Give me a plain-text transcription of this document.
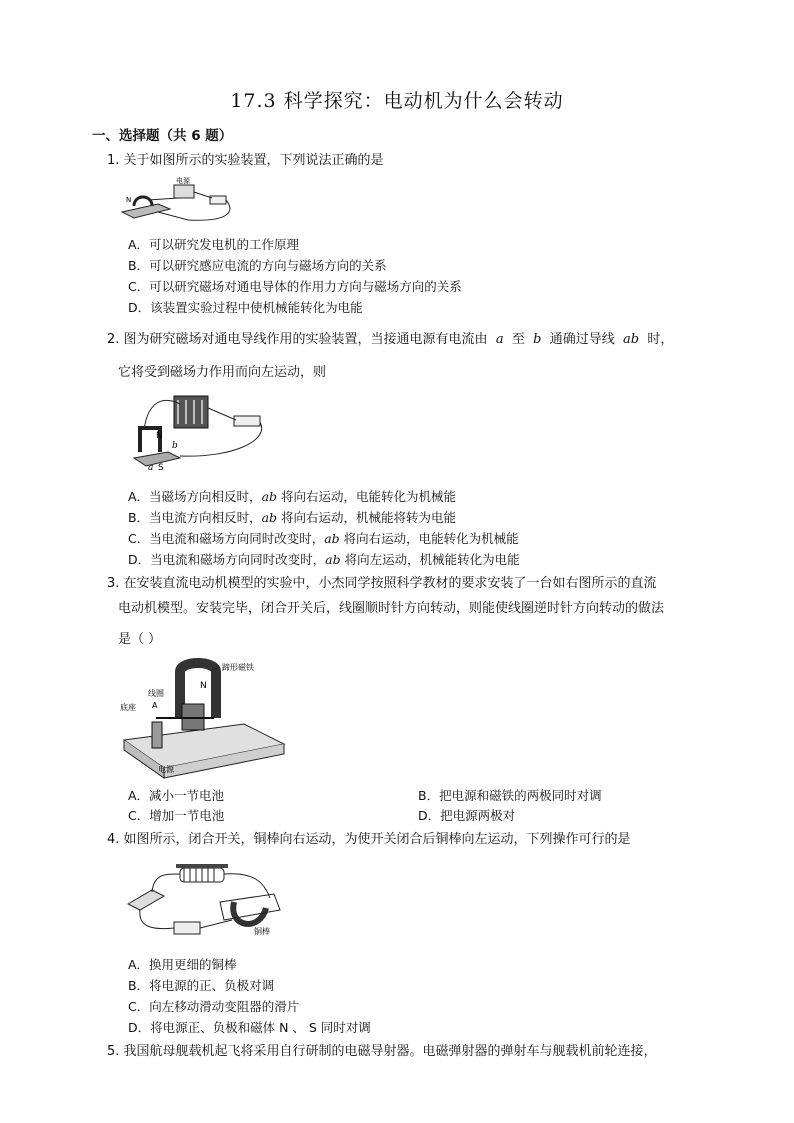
17.3 科学探究：电动机为什么会转动
一、选择题（共 6 题）
1. 关于如图所示的实验装置，下列说法正确的是
电源
N
A．可以研究发电机的工作原理
B．可以研究感应电流的方向与磁场方向的关系
C．可以研究磁场对通电导体的作用力方向与磁场方向的关系
D．该装置实验过程中使机械能转化为电能
2. 图为研究磁场对通电导线作用的实验装置，当接通电源有电流由 a 至 b 通确过导线 ab 时，
它将受到磁场力作用而向左运动，则
N
b
a S
A．当磁场方向相反时，ab 将向右运动，电能转化为机械能
B．当电流方向相反时，ab 将向右运动，机械能将转为电能
C．当电流和磁场方向同时改变时，ab 将向右运动，电能转化为机械能
D．当电流和磁场方向同时改变时，ab 将向左运动，机械能转化为电能
3. 在安装直流电动机模型的实验中，小杰同学按照科学教材的要求安装了一台如右图所示的直流
电动机模型。安装完毕，闭合开关后，线圈顺时针方向转动，则能使线圈逆时针方向转动的做法
是（ ）
N
蹄形磁铁
线圈
A
底座
电源
A．减小一节电池	B．把电源和磁铁的两极同时对调
C．增加一节电池	D．把电源两极对
4. 如图所示，闭合开关，铜棒向右运动，为使开关闭合后铜棒向左运动，下列操作可行的是
铜棒
A．换用更细的铜棒
B．将电源的正、负极对调
C．向左移动滑动变阻器的滑片
D．将电源正、负极和磁体 N 、 S 同时对调
5. 我国航母舰载机起飞将采用自行研制的电磁导射器。电磁弹射器的弹射车与舰载机前轮连接，
